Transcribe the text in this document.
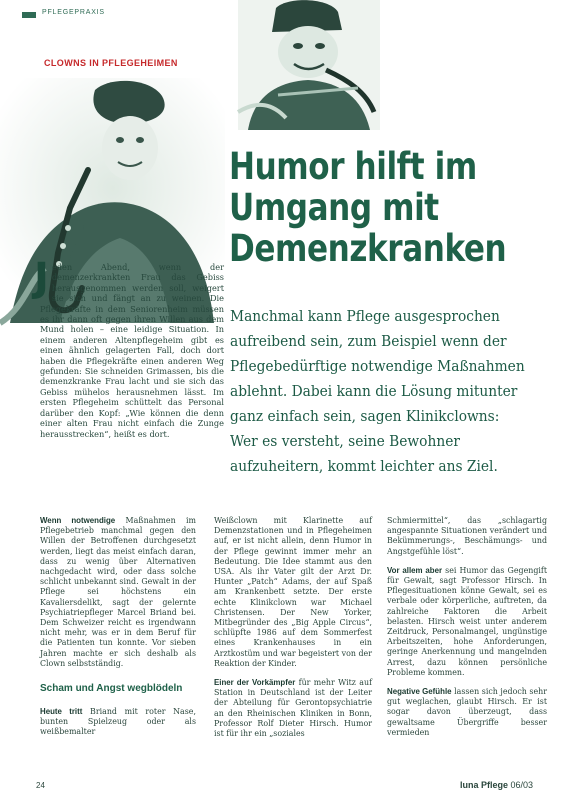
PFLEGEPRAXIS
CLOWNS IN PFLEGEHEIMEN
Humor hilft im
Umgang mit
Demenzkranken

Manchmal kann Pflege ausgesprochen aufreibend sein, zum Beispiel wenn der Pflegebedürftige notwendige Maßnahmen ablehnt. Dabei kann die Lösung mitunter ganz einfach sein, sagen Klinikclowns: Wer es versteht, seine Bewohner aufzuheitern, kommt leichter ans Ziel.

Jeden Abend, wenn der demenzerkrankten Frau das Gebiss herausgenommen werden soll, weigert sie sich und fängt an zu weinen. Die Pflegekräfte in dem Seniorenheim müssen es ihr dann oft gegen ihren Willen aus dem Mund holen – eine leidige Situation. In einem anderen Altenpflegeheim gibt es einen ähnlich gelagerten Fall, doch dort haben die Pflegekräfte einen anderen Weg gefunden: Sie schneiden Grimassen, bis die demenzkranke Frau lacht und sie sich das Gebiss mühelos herausnehmen lässt. Im ersten Pflegeheim schüttelt das Personal darüber den Kopf: „Wie können die denn einer alten Frau nicht einfach die Zunge herausstrecken“, heißt es dort.

Wenn notwendige Maßnahmen im Pflegebetrieb manchmal gegen den Willen der Betroffenen durchgesetzt werden, liegt das meist einfach daran, dass zu wenig über Alternativen nachgedacht wird, oder dass solche schlicht unbekannt sind. Gewalt in der Pflege sei höchstens ein Kavaliersdelikt, sagt der gelernte Psychiatriepfleger Marcel Briand bei. Dem Schweizer reicht es irgendwann nicht mehr, was er in dem Beruf für die Patienten tun konnte. Vor sieben Jahren machte er sich deshalb als Clown selbstständig.

Scham und Angst wegblödeln

Heute tritt Briand mit roter Nase, bunten Spielzeug oder als weißbemalter

Weißclown mit Klarinette auf Demenzstationen und in Pflegeheimen auf, er ist nicht allein, denn Humor in der Pflege gewinnt immer mehr an Bedeutung. Die Idee stammt aus den USA. Als ihr Vater gilt der Arzt Dr. Hunter „Patch“ Adams, der auf Spaß am Krankenbett setzte. Der erste echte Klinikclown war Michael Christensen. Der New Yorker, Mitbegründer des „Big Apple Circus“, schlüpfte 1986 auf dem Sommerfest eines Krankenhauses in ein Arztkostüm und war begeistert von der Reaktion der Kinder.

Einer der Vorkämpfer für mehr Witz auf Station in Deutschland ist der Leiter der Abteilung für Gerontopsychiatrie an den Rheinischen Kliniken in Bonn, Professor Rolf Dieter Hirsch. Humor ist für ihr ein „soziales

Schmiermittel“, das „schlagartig angespannte Situationen verändert und Bekümmerungs-, Beschämungs- und Angstgefühle löst“.

Vor allem aber sei Humor das Gegengift für Gewalt, sagt Professor Hirsch. In Pflegesituationen könne Gewalt, sei es verbale oder körperliche, auftreten, da zahlreiche Faktoren die Arbeit belasten. Hirsch weist unter anderem Zeitdruck, Personalmangel, ungünstige Arbeitszeiten, hohe Anforderungen, geringe Anerkennung und mangelnden Arrest, dazu können persönliche Probleme kommen.

Negative Gefühle lassen sich jedoch sehr gut weglachen, glaubt Hirsch. Er ist sogar davon überzeugt, dass gewaltsame Übergriffe besser vermieden

24	luna Pflege 06/03
